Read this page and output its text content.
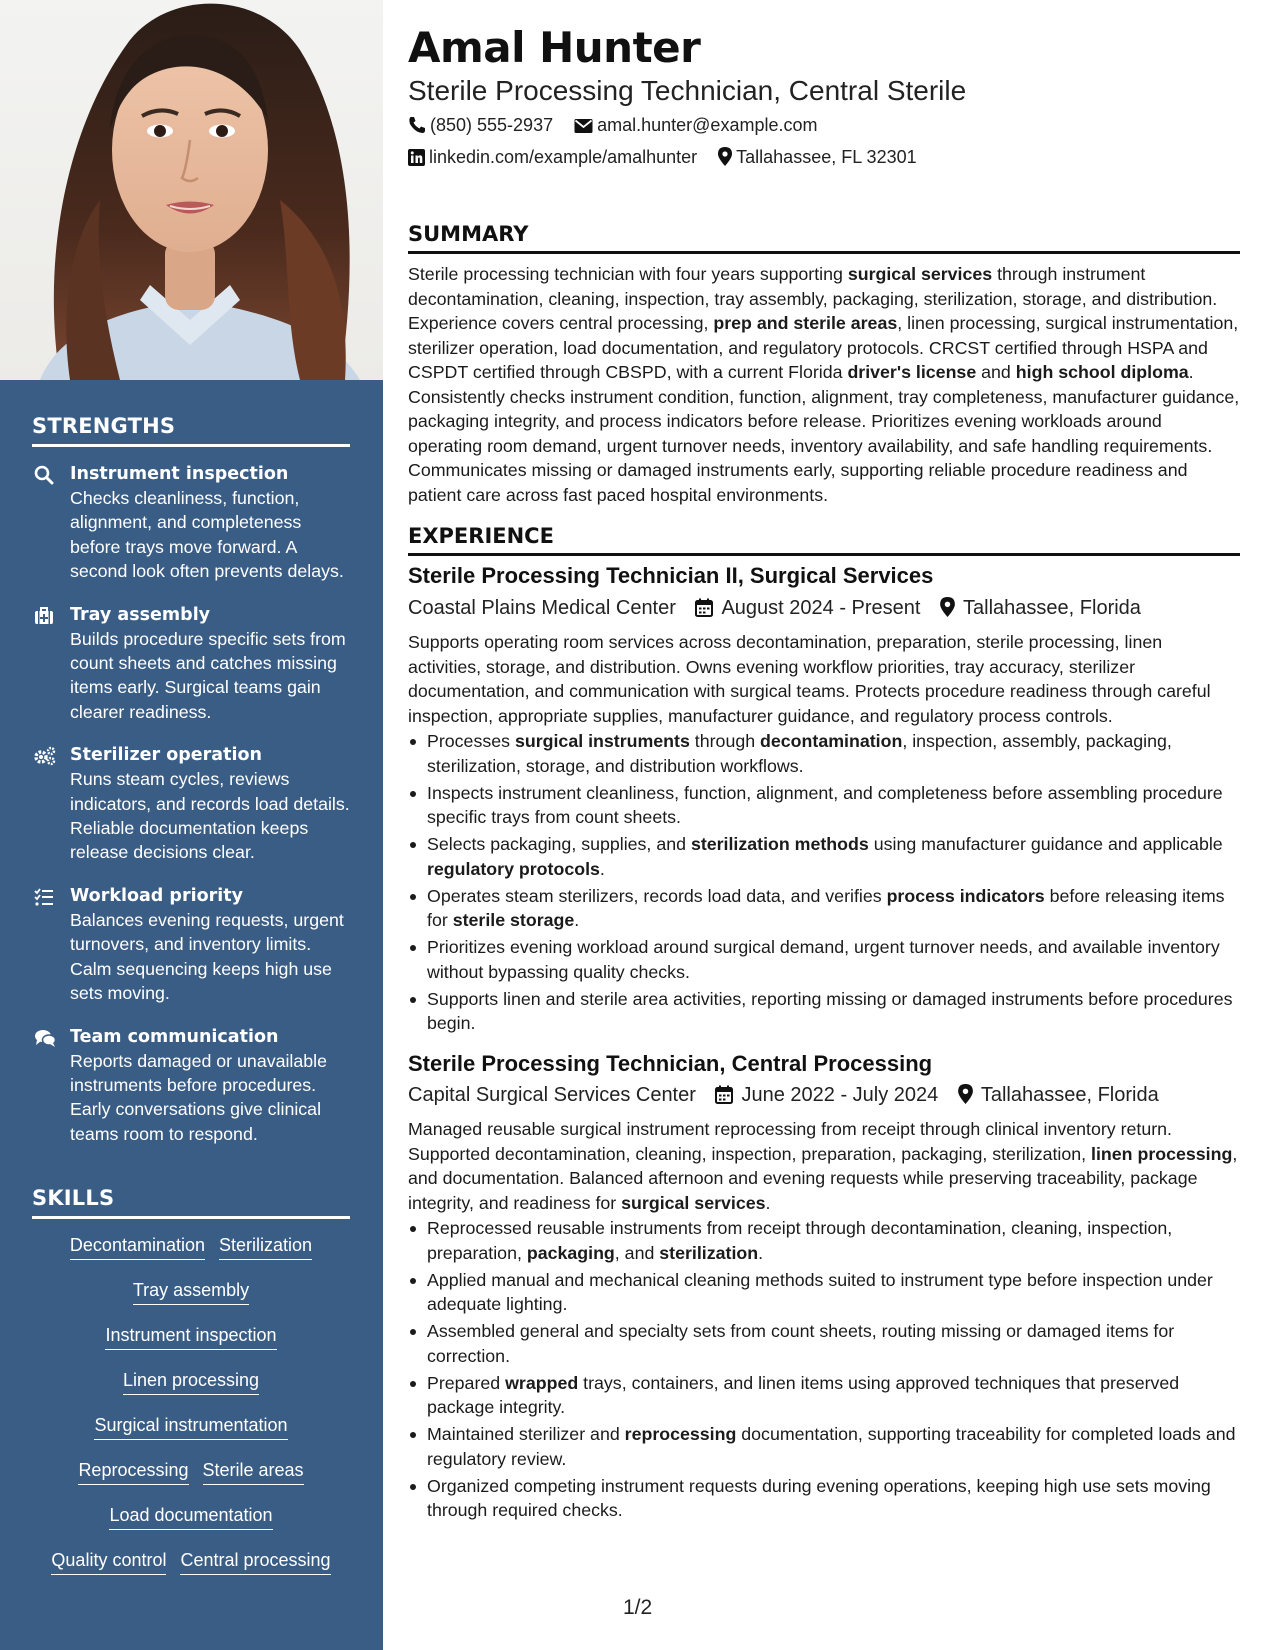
STRENGTHS
Instrument inspection
Checks cleanliness, function, alignment, and completeness before trays move forward. A second look often prevents delays.
Tray assembly
Builds procedure specific sets from count sheets and catches missing items early. Surgical teams gain clearer readiness.
Sterilizer operation
Runs steam cycles, reviews indicators, and records load details. Reliable documentation keeps release decisions clear.
Workload priority
Balances evening requests, urgent turnovers, and inventory limits. Calm sequencing keeps high use sets moving.
Team communication
Reports damaged or unavailable instruments before procedures. Early conversations give clinical teams room to respond.
SKILLS
Decontamination Sterilization
Tray assembly
Instrument inspection
Linen processing
Surgical instrumentation
Reprocessing Sterile areas
Load documentation
Quality control Central processing
Amal Hunter
Sterile Processing Technician, Central Sterile
(850) 555-2937 amal.hunter@example.com
linkedin.com/example/amalhunter Tallahassee, FL 32301
SUMMARY
Sterile processing technician with four years supporting surgical services through instrument decontamination, cleaning, inspection, tray assembly, packaging, sterilization, storage, and distribution. Experience covers central processing, prep and sterile areas, linen processing, surgical instrumentation, sterilizer operation, load documentation, and regulatory protocols. CRCST certified through HSPA and CSPDT certified through CBSPD, with a current Florida driver's license and high school diploma. Consistently checks instrument condition, function, alignment, tray completeness, manufacturer guidance, packaging integrity, and process indicators before release. Prioritizes evening workloads around operating room demand, urgent turnover needs, inventory availability, and safe handling requirements. Communicates missing or damaged instruments early, supporting reliable procedure readiness and patient care across fast paced hospital environments.
EXPERIENCE
Sterile Processing Technician II, Surgical Services
Coastal Plains Medical Center August 2024 - Present Tallahassee, Florida
Supports operating room services across decontamination, preparation, sterile processing, linen activities, storage, and distribution. Owns evening workflow priorities, tray accuracy, sterilizer documentation, and communication with surgical teams. Protects procedure readiness through careful inspection, appropriate supplies, manufacturer guidance, and regulatory process controls.
Processes surgical instruments through decontamination, inspection, assembly, packaging, sterilization, storage, and distribution workflows.
Inspects instrument cleanliness, function, alignment, and completeness before assembling procedure specific trays from count sheets.
Selects packaging, supplies, and sterilization methods using manufacturer guidance and applicable regulatory protocols.
Operates steam sterilizers, records load data, and verifies process indicators before releasing items for sterile storage.
Prioritizes evening workload around surgical demand, urgent turnover needs, and available inventory without bypassing quality checks.
Supports linen and sterile area activities, reporting missing or damaged instruments before procedures begin.
Sterile Processing Technician, Central Processing
Capital Surgical Services Center June 2022 - July 2024 Tallahassee, Florida
Managed reusable surgical instrument reprocessing from receipt through clinical inventory return. Supported decontamination, cleaning, inspection, preparation, packaging, sterilization, linen processing, and documentation. Balanced afternoon and evening requests while preserving traceability, package integrity, and readiness for surgical services.
Reprocessed reusable instruments from receipt through decontamination, cleaning, inspection, preparation, packaging, and sterilization.
Applied manual and mechanical cleaning methods suited to instrument type before inspection under adequate lighting.
Assembled general and specialty sets from count sheets, routing missing or damaged items for correction.
Prepared wrapped trays, containers, and linen items using approved techniques that preserved package integrity.
Maintained sterilizer and reprocessing documentation, supporting traceability for completed loads and regulatory review.
Organized competing instrument requests during evening operations, keeping high use sets moving through required checks.
1/2
